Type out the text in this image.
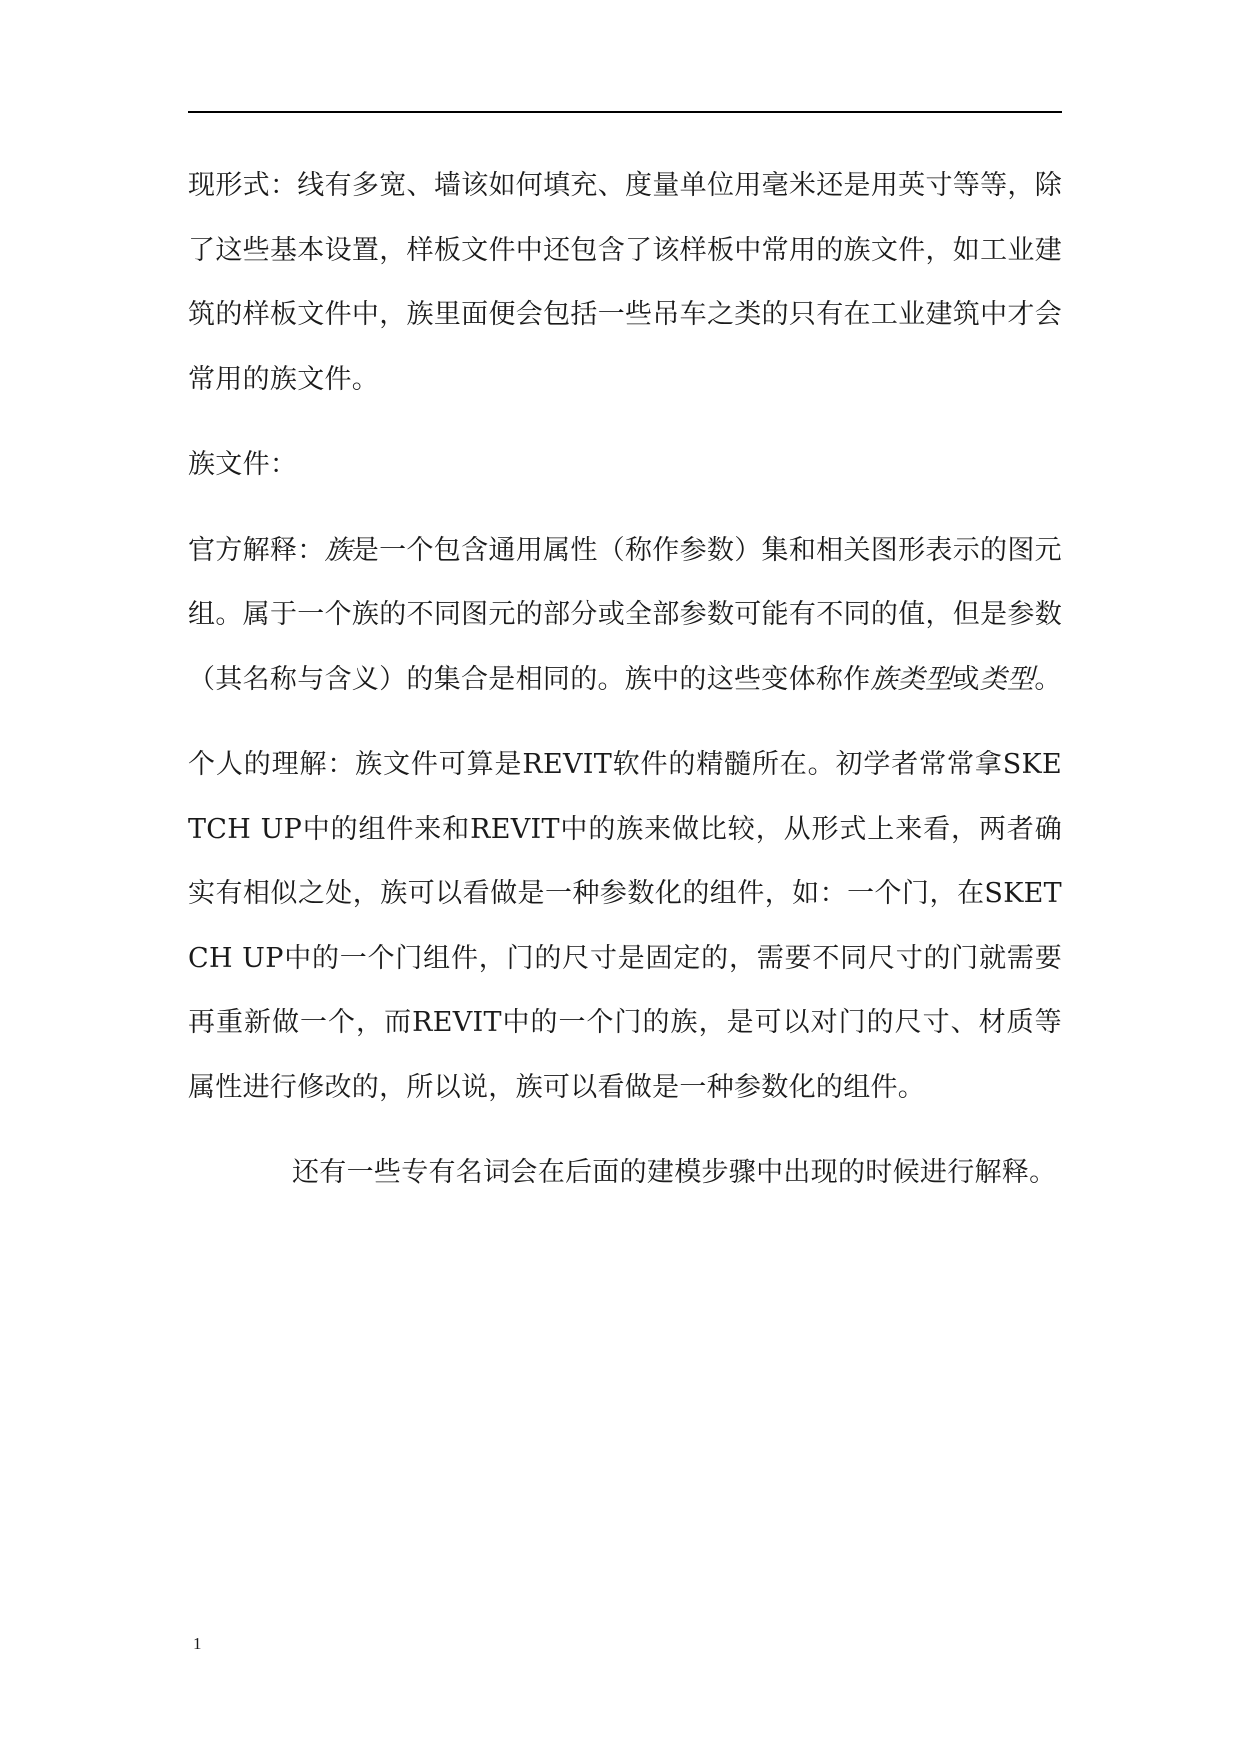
现形式：线有多宽、墙该如何填充、度量单位用毫米还是用英寸等等，除了这些基本设置，样板文件中还包含了该样板中常用的族文件，如工业建筑的样板文件中，族里面便会包括一些吊车之类的只有在工业建筑中才会常用的族文件。

族文件：

官方解释：族是一个包含通用属性（称作参数）集和相关图形表示的图元组。属于一个族的不同图元的部分或全部参数可能有不同的值，但是参数（其名称与含义）的集合是相同的。族中的这些变体称作族类型或类型。

个人的理解：族文件可算是REVIT软件的精髓所在。初学者常常拿SKETCH UP中的组件来和REVIT中的族来做比较，从形式上来看，两者确实有相似之处，族可以看做是一种参数化的组件，如：一个门，在SKETCH UP中的一个门组件，门的尺寸是固定的，需要不同尺寸的门就需要再重新做一个，而REVIT中的一个门的族，是可以对门的尺寸、材质等属性进行修改的，所以说，族可以看做是一种参数化的组件。

还有一些专有名词会在后面的建模步骤中出现的时候进行解释。

1
